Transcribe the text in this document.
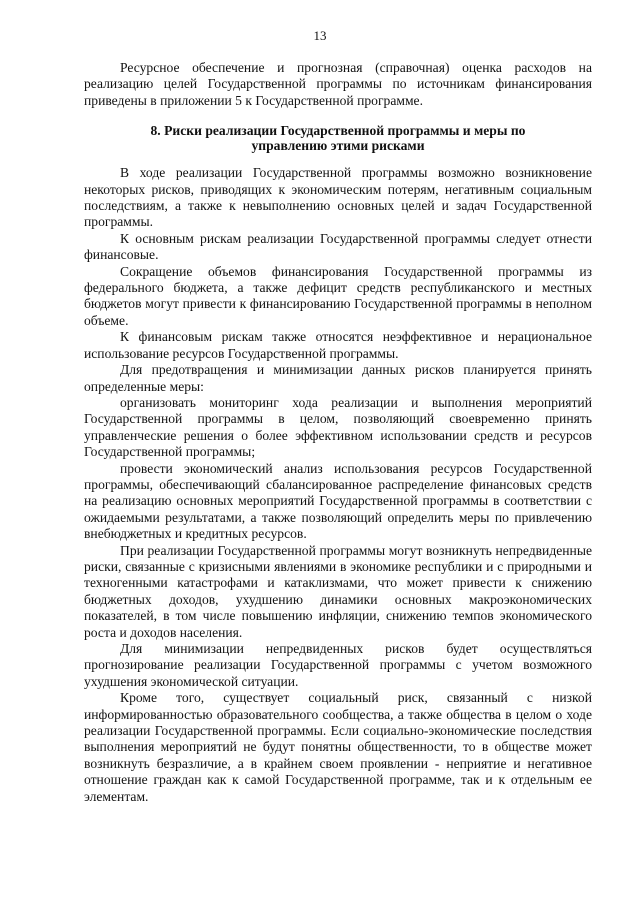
13

Ресурсное обеспечение и прогнозная (справочная) оценка расходов на реализацию целей Государственной программы по источникам финансирования приведены в приложении 5 к Государственной программе.

8. Риски реализации Государственной программы и меры по управлению этими рисками

В ходе реализации Государственной программы возможно возникновение некоторых рисков, приводящих к экономическим потерям, негативным социальным последствиям, а также к невыполнению основных целей и задач Государственной программы.

К основным рискам реализации Государственной программы следует отнести финансовые.

Сокращение объемов финансирования Государственной программы из федерального бюджета, а также дефицит средств республиканского и местных бюджетов могут привести к финансированию Государственной программы в неполном объеме.

К финансовым рискам также относятся неэффективное и нерациональное использование ресурсов Государственной программы.

Для предотвращения и минимизации данных рисков планируется принять определенные меры:

организовать мониторинг хода реализации и выполнения мероприятий Государственной программы в целом, позволяющий своевременно принять управленческие решения о более эффективном использовании средств и ресурсов Государственной программы;

провести экономический анализ использования ресурсов Государственной программы, обеспечивающий сбалансированное распределение финансовых средств на реализацию основных мероприятий Государственной программы в соответствии с ожидаемыми результатами, а также позволяющий определить меры по привлечению внебюджетных и кредитных ресурсов.

При реализации Государственной программы могут возникнуть непредвиденные риски, связанные с кризисными явлениями в экономике республики и с природными и техногенными катастрофами и катаклизмами, что может привести к снижению бюджетных доходов, ухудшению динамики основных макроэкономических показателей, в том числе повышению инфляции, снижению темпов экономического роста и доходов населения.

Для минимизации непредвиденных рисков будет осуществляться прогнозирование реализации Государственной программы с учетом возможного ухудшения экономической ситуации.

Кроме того, существует социальный риск, связанный с низкой информированностью образовательного сообщества, а также общества в целом о ходе реализации Государственной программы. Если социально-экономические последствия выполнения мероприятий не будут понятны общественности, то в обществе может возникнуть безразличие, а в крайнем своем проявлении - неприятие и негативное отношение граждан как к самой Государственной программе, так и к отдельным ее элементам.
